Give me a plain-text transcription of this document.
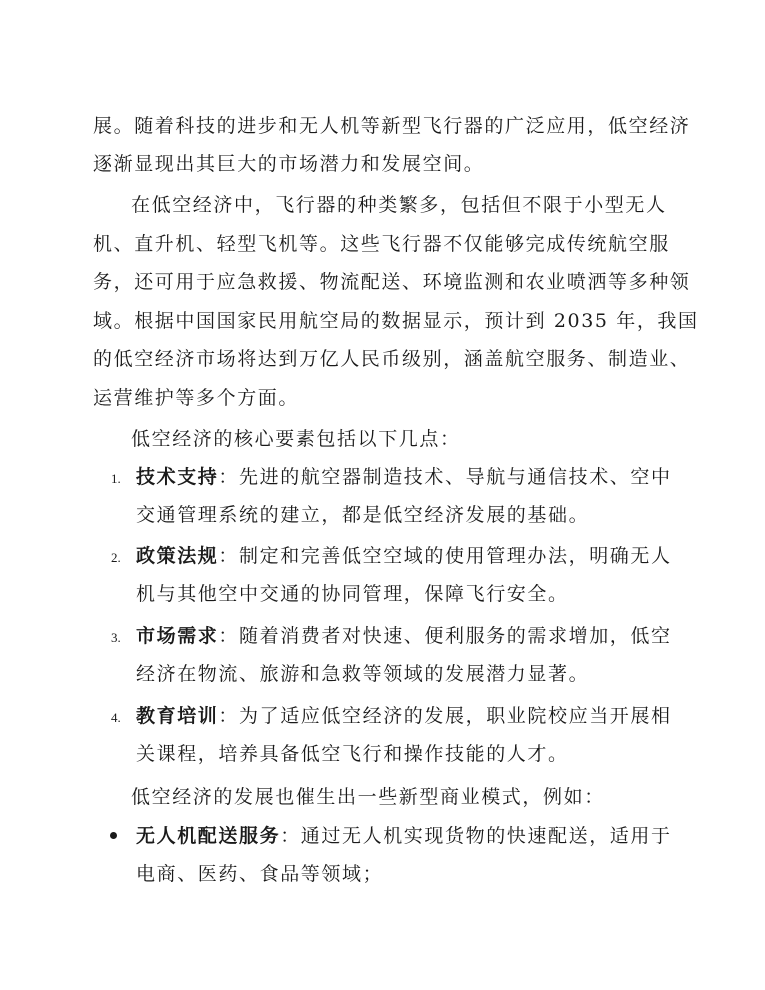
展。随着科技的进步和无人机等新型飞行器的广泛应用，低空经济
逐渐显现出其巨大的市场潜力和发展空间。
在低空经济中，飞行器的种类繁多，包括但不限于小型无人
机、直升机、轻型飞机等。这些飞行器不仅能够完成传统航空服
务，还可用于应急救援、物流配送、环境监测和农业喷洒等多种领
域。根据中国国家民用航空局的数据显示，预计到 2035 年，我国
的低空经济市场将达到万亿人民币级别，涵盖航空服务、制造业、
运营维护等多个方面。
低空经济的核心要素包括以下几点：
1. 技术支持：先进的航空器制造技术、导航与通信技术、空中
交通管理系统的建立，都是低空经济发展的基础。
2. 政策法规：制定和完善低空空域的使用管理办法，明确无人
机与其他空中交通的协同管理，保障飞行安全。
3. 市场需求：随着消费者对快速、便利服务的需求增加，低空
经济在物流、旅游和急救等领域的发展潜力显著。
4. 教育培训：为了适应低空经济的发展，职业院校应当开展相
关课程，培养具备低空飞行和操作技能的人才。
低空经济的发展也催生出一些新型商业模式，例如：
无人机配送服务：通过无人机实现货物的快速配送，适用于
电商、医药、食品等领域；
